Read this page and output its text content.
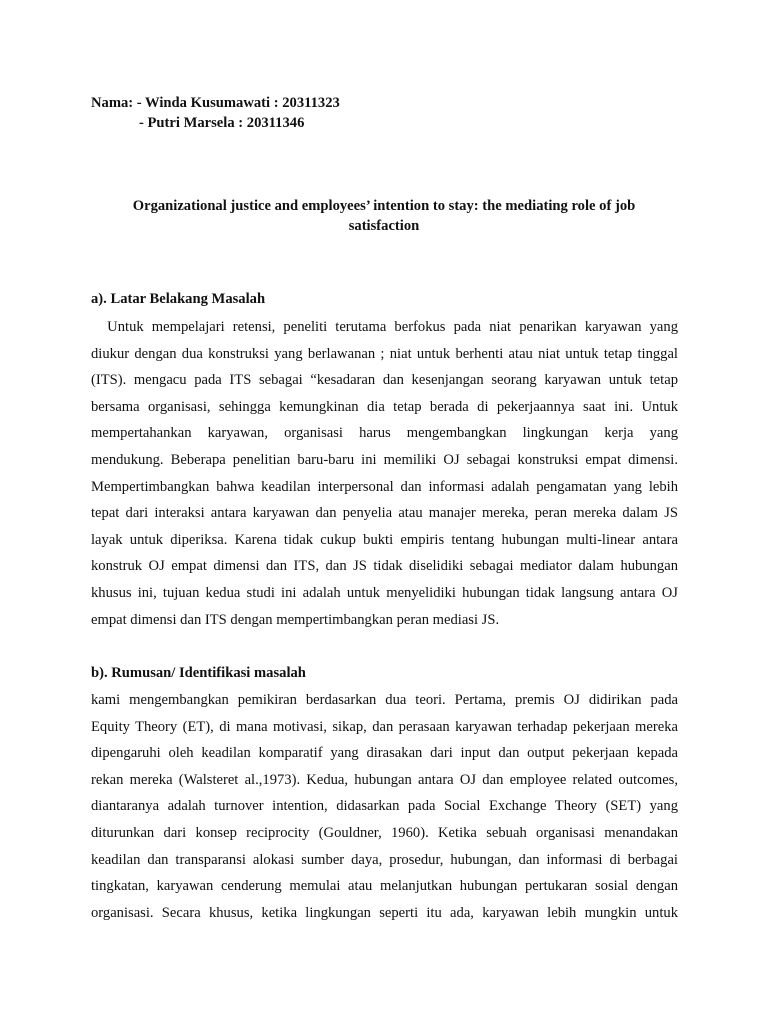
Nama: - Winda Kusumawati : 20311323
- Putri Marsela : 20311346
Organizational justice and employees’ intention to stay: the mediating role of job satisfaction
a). Latar Belakang Masalah
Untuk mempelajari retensi, peneliti terutama berfokus pada niat penarikan karyawan yang
diukur dengan dua konstruksi yang berlawanan ; niat untuk berhenti atau niat untuk tetap tinggal
(ITS). mengacu pada ITS sebagai “kesadaran dan kesenjangan seorang karyawan untuk tetap
bersama organisasi, sehingga kemungkinan dia tetap berada di pekerjaannya saat ini. Untuk
mempertahankan karyawan, organisasi harus mengembangkan lingkungan kerja yang
mendukung. Beberapa penelitian baru-baru ini memiliki OJ sebagai konstruksi empat dimensi.
Mempertimbangkan bahwa keadilan interpersonal dan informasi adalah pengamatan yang lebih
tepat dari interaksi antara karyawan dan penyelia atau manajer mereka, peran mereka dalam JS
layak untuk diperiksa. Karena tidak cukup bukti empiris tentang hubungan multi-linear antara
konstruk OJ empat dimensi dan ITS, dan JS tidak diselidiki sebagai mediator dalam hubungan
khusus ini, tujuan kedua studi ini adalah untuk menyelidiki hubungan tidak langsung antara OJ
empat dimensi dan ITS dengan mempertimbangkan peran mediasi JS.
b). Rumusan/ Identifikasi masalah
kami mengembangkan pemikiran berdasarkan dua teori. Pertama, premis OJ didirikan pada
Equity Theory (ET), di mana motivasi, sikap, dan perasaan karyawan terhadap pekerjaan mereka
dipengaruhi oleh keadilan komparatif yang dirasakan dari input dan output pekerjaan kepada
rekan mereka (Walsteret al.,1973). Kedua, hubungan antara OJ dan employee related outcomes,
diantaranya adalah turnover intention, didasarkan pada Social Exchange Theory (SET) yang
diturunkan dari konsep reciprocity (Gouldner, 1960). Ketika sebuah organisasi menandakan
keadilan dan transparansi alokasi sumber daya, prosedur, hubungan, dan informasi di berbagai
tingkatan, karyawan cenderung memulai atau melanjutkan hubungan pertukaran sosial dengan
organisasi. Secara khusus, ketika lingkungan seperti itu ada, karyawan lebih mungkin untuk
